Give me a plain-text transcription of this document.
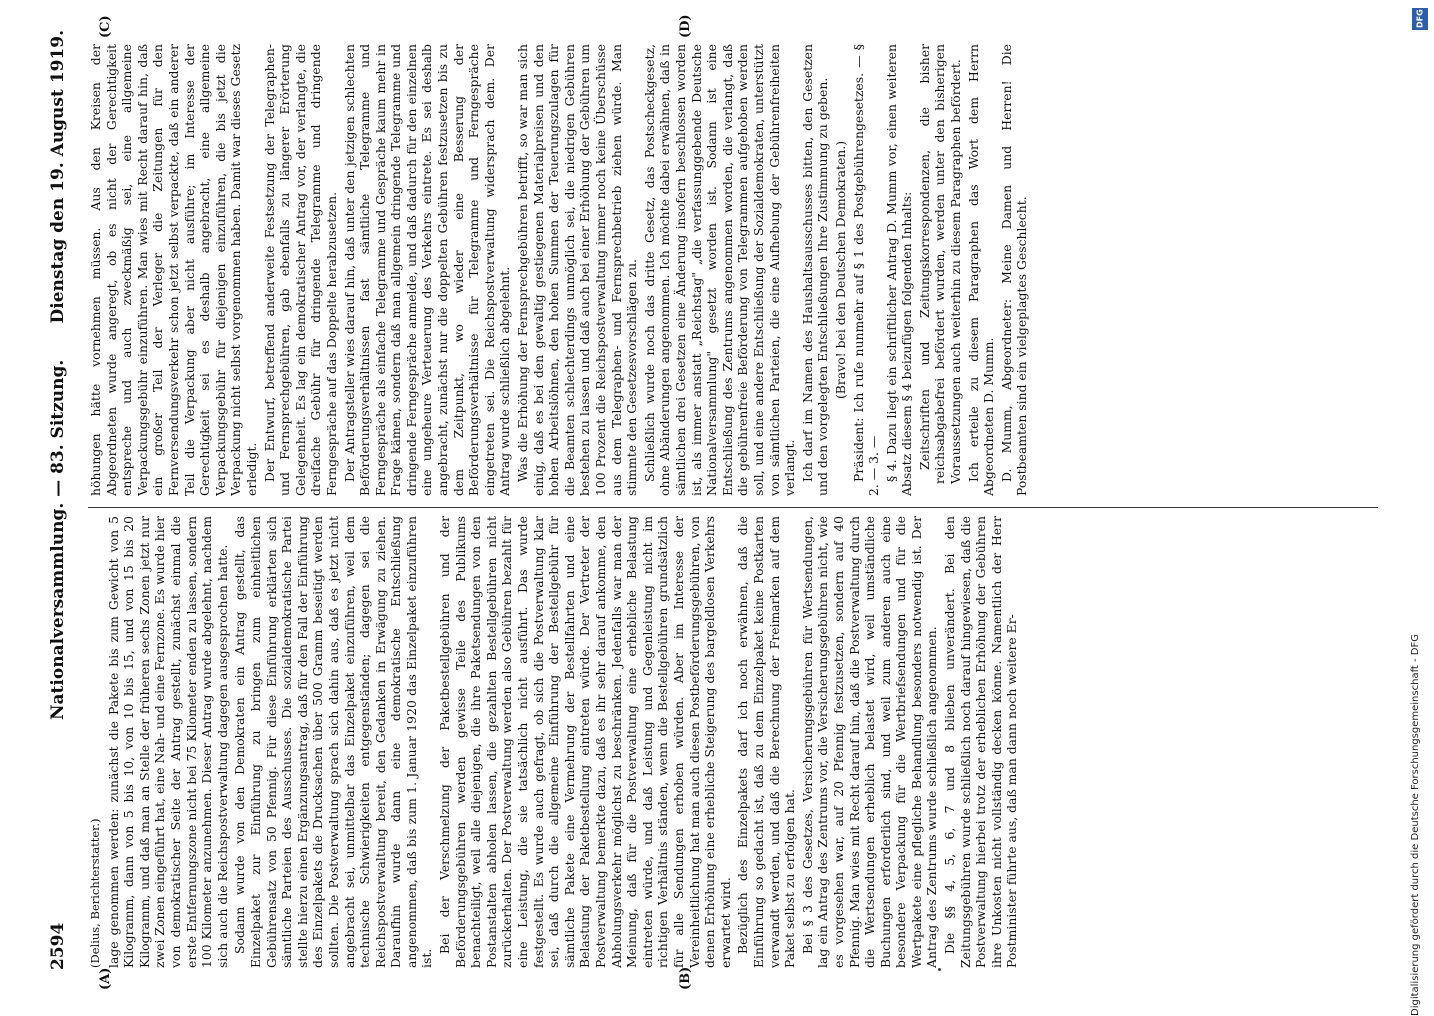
2594
Nationalversammlung. — 83. Sitzung.
Dienstag den 19. August 1919.
(A)	(B)
(C)	(D)

(Delius, Berichterstatter.) lage genommen werden: zunächst die Pakete bis zum Gewicht von 5 Kilogramm, dann von 5 bis 10, von 10 bis 15, und von 15 bis 20 Kilogramm, und daß man an Stelle der früheren sechs Zonen jetzt nur zwei Zonen eingeführt hat, eine Nah- und eine Fernzone. Es wurde hier von demokratischer Seite der Antrag gestellt, zunächst einmal die erste Entfernungszone nicht bei 75 Kilometer enden zu lassen, sondern 100 Kilometer anzunehmen. Dieser Antrag wurde abgelehnt, nachdem sich auch die Reichspostverwaltung dagegen ausgesprochen hatte. Sodann wurde von den Demokraten ein Antrag gestellt, das Einzelpaket zur Einführung zu bringen zum einheitlichen Gebührensatz von 50 Pfennig. Für diese Einführung erklärten sich sämtliche Parteien des Ausschusses. Die sozialdemokratische Partei stellte hierzu einen Ergänzungsantrag, daß für den Fall der Einführung des Einzelpakets die Drucksachen über 500 Gramm beseitigt werden sollten. Die Postverwaltung sprach sich dahin aus, daß es jetzt nicht angebracht sei, unmittelbar das Einzelpaket einzuführen, weil dem technische Schwierigkeiten entgegenständen; dagegen sei die Reichspostverwaltung bereit, den Gedanken in Erwägung zu ziehen. Daraufhin wurde dann eine demokratische Entschließung angenommen, daß bis zum 1. Januar 1920 das Einzelpaket einzuführen ist.

Bei der Verschmelzung der Paketbestellgebühren und der Beförderungsgebühren werden gewisse Teile des Publikums benachteiligt, weil alle diejenigen, die ihre Paketsendungen von den Postanstalten abholen lassen, die gezahlten Bestellgebühren nicht zurückerhalten. Der Postverwaltung werden also Gebühren bezahlt für eine Leistung, die sie tatsächlich nicht ausführt. Das wurde festgestellt. Es wurde auch gefragt, ob sich die Postverwaltung klar sei, daß durch die allgemeine Einführung der Bestellgebühr für sämtliche Pakete eine Vermehrung der Bestellfahrten und eine Belastung der Paketbestellung eintreten würde. Der Vertreter der Postverwaltung bemerkte dazu, daß es ihr sehr darauf ankomme, den Abholungsverkehr möglichst zu beschränken. Jedenfalls war man der Meinung, daß für die Postverwaltung eine erhebliche Belastung eintreten würde, und daß Leistung und Gegenleistung nicht im richtigen Verhältnis ständen, wenn die Bestellgebühren grundsätzlich für alle Sendungen erhoben würden. Aber im Interesse der Vereinheitlichung hat man auch diesen Postbeförderungsgebühren, von denen Erhöhung eine erhebliche Steigerung des bargeldlosen Verkehrs erwartet wird. Bezüglich des Einzelpakets darf ich noch erwähnen, daß die Einführung so gedacht ist, daß zu dem Einzelpaket keine Postkarten verwandt werden, und daß die Berechnung der Freimarken auf dem Paket selbst zu erfolgen hat. Bei § 3 des Gesetzes, Versicherungsgebühren für Wertsendungen, lag ein Antrag des Zentrums vor, die Versicherungsgebühren nicht, wie es vorgesehen war, auf 20 Pfennig festzusetzen, sondern auf 40 Pfennig. Man wies mit Recht darauf hin, daß die Postverwaltung durch die Wertsendungen erheblich belastet wird, weil umständliche Buchungen erforderlich sind, und weil zum anderen auch eine besondere Verpackung für die Wertbriefsendungen und für die Wertpakete eine pflegliche Behandlung besonders notwendig ist. Der Antrag des Zentrums wurde schließlich angenommen. Die §§ 4, 5, 6, 7 und 8 blieben unverändert. Bei den Zeitungsgebühren wurde schließlich noch darauf hingewiesen, daß die Postverwaltung hierbei trotz der erheblichen Erhöhung der Gebühren ihre Unkosten nicht vollständig decken könne. Namentlich der Herr Postminister führte aus, daß man dann noch weitere Er-

höhungen hätte vornehmen müssen. Aus den Kreisen der Abgeordneten wurde angeregt, ob es nicht der Gerechtigkeit entspreche und auch zweckmäßig sei, eine allgemeine Verpackungsgebühr einzuführen. Man wies mit Recht darauf hin, daß ein großer Teil der Verleger die Zeitungen für den Fernversendungsverkehr schon jetzt selbst verpackte, daß ein anderer Teil die Verpackung aber nicht ausführe; im Interesse der Gerechtigkeit sei es deshalb angebracht, eine allgemeine Verpackungsgebühr für diejenigen einzuführen, die bis jetzt die Verpackung nicht selbst vorgenommen haben. Damit war dieses Gesetz erledigt. Der Entwurf, betreffend anderweite Festsetzung der Telegraphen- und Fernsprechgebühren, gab ebenfalls zu längerer Erörterung Gelegenheit. Es lag ein demokratischer Antrag vor, der verlangte, die dreifache Gebühr für dringende Telegramme und dringende Ferngespräche auf das Doppelte herabzusetzen. Der Antragsteller wies darauf hin, daß unter den jetzigen schlechten Beförderungsverhältnissen fast sämtliche Telegramme und Ferngespräche als einfache Telegramme und Gespräche kaum mehr in Frage kämen, sondern daß man allgemein dringende Telegramme und dringende Ferngespräche anmelde, und daß dadurch für den einzelnen eine ungeheure Verteuerung des Verkehrs eintrete. Es sei deshalb angebracht, zunächst nur die doppelten Gebühren festzusetzen bis zu dem Zeitpunkt, wo wieder eine Besserung der Beförderungsverhältnisse für Telegramme und Ferngespräche eingetreten sei. Die Reichspostverwaltung widersprach dem. Der Antrag wurde schließlich abgelehnt. Was die Erhöhung der Fernsprechgebühren betrifft, so war man sich einig, daß es bei den gewaltig gestiegenen Materialpreisen und den hohen Arbeitslöhnen, den hohen Summen der Teuerungszulagen für die Beamten schlechterdings unmöglich sei, die niedrigen Gebühren bestehen zu lassen und daß auch bei einer Erhöhung der Gebühren um 100 Prozent die Reichspostverwaltung immer noch keine Überschüsse aus dem Telegraphen- und Fernsprechbetrieb ziehen würde. Man stimmte den Gesetzesvorschlägen zu. Schließlich wurde noch das dritte Gesetz, das Postscheckgesetz, ohne Abänderungen angenommen. Ich möchte dabei erwähnen, daß in sämtlichen drei Gesetzen eine Änderung insofern beschlossen worden ist, als immer anstatt „Reichstag" „die verfassunggebende Deutsche Nationalversammlung" gesetzt worden ist. Sodann ist eine Entschließung des Zentrums angenommen worden, die verlangt, daß die gebührenfreie Beförderung von Telegrammen aufgehoben werden soll, und eine andere Entschließung der Sozialdemokraten, unterstützt von sämtlichen Parteien, die eine Aufhebung der Gebührenfreiheiten verlangt. Ich darf im Namen des Haushaltsausschusses bitten, den Gesetzen und den vorgelegten Entschließungen Ihre Zustimmung zu geben. (Bravo! bei den Deutschen Demokraten.) Präsident: Ich rufe nunmehr auf § 1 des Postgebührengesetzes. — § 2. — 3. — § 4. Dazu liegt ein schriftlicher Antrag D. Mumm vor, einen weiteren Absatz diesem § 4 beizufügen folgenden Inhalts: Zeitschriften und Zeitungskorrespondenzen, die bisher reichsabgabefrei befördert wurden, werden unter den bisherigen Voraussetzungen auch weiterhin zu diesem Paragraphen befördert. Ich erteile zu diesem Paragraphen das Wort dem Herrn Abgeordneten D. Mumm. D. Mumm, Abgeordneter: Meine Damen und Herren! Die Postbeamten sind ein vielgeplagtes Geschlecht.

DFG
Digitalisierung gefördert durch die Deutsche Forschungsgemeinschaft - DFG
